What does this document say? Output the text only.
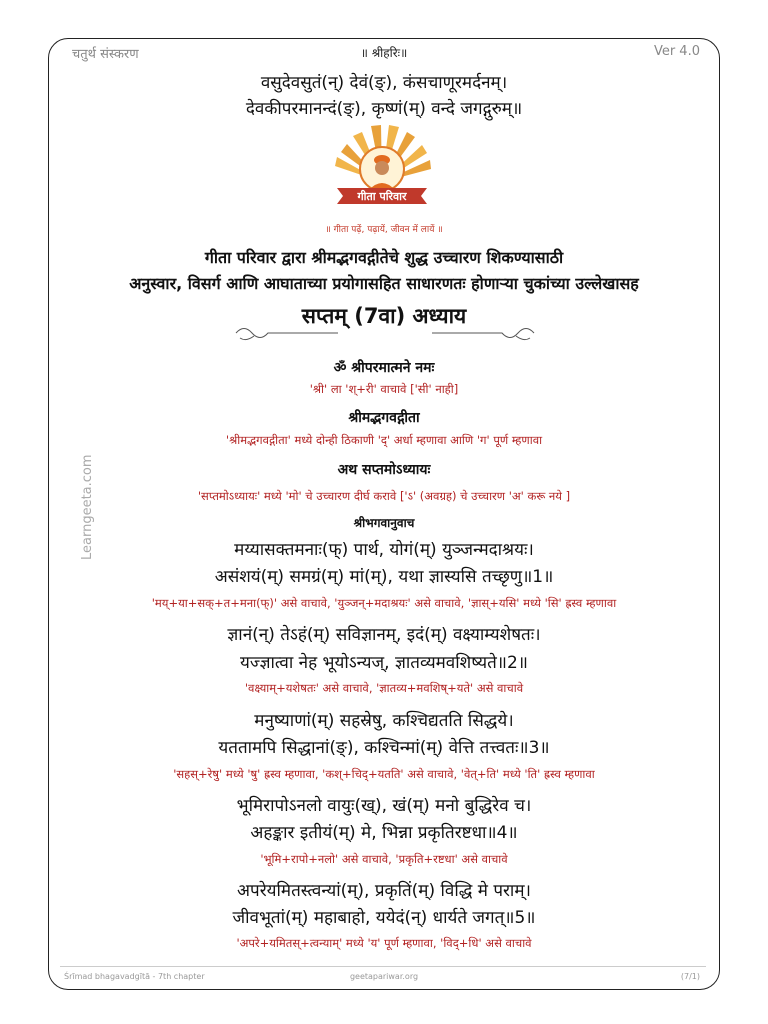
चतुर्थ संस्करण	॥ श्रीहरिः॥	Ver 4.0
Learngeeta.com
वसुदेवसुतं(न्) देवं(ङ्), कंसचाणूरमर्दनम्।
देवकीपरमानन्दं(ङ्), कृष्णं(म्) वन्दे जगद्गुरुम्॥
गीता परिवार
॥ गीता पढ़ें, पढ़ायें, जीवन में लायें ॥
गीता परिवार द्वारा श्रीमद्भगवद्गीतेचे शुद्ध उच्चारण शिकण्यासाठी
अनुस्वार, विसर्ग आणि आघाताच्या प्रयोगासहित साधारणतः होणाऱ्या चुकांच्या उल्लेखासह
सप्तम् (7वा) अध्याय
ॐ श्रीपरमात्मने नमः
'श्री' ला 'श्+री' वाचावे ['सी' नाही]
श्रीमद्भगवद्गीता
'श्रीमद्भगवद्गीता' मध्ये दोन्ही ठिकाणी 'द्' अर्धा म्हणावा आणि 'ग' पूर्ण म्हणावा
अथ सप्तमोऽध्यायः
'सप्तमोऽध्यायः' मध्ये 'मो' चे उच्चारण दीर्घ करावे ['ऽ' (अवग्रह) चे उच्चारण 'अ' करू नये ]
श्रीभगवानुवाच
मय्यासक्तमनाः(फ्) पार्थ, योगं(म्) युञ्जन्मदाश्रयः।
असंशयं(म्) समग्रं(म्) मां(म्), यथा ज्ञास्यसि तच्छृणु॥1॥
'मय्+या+सक्+त+मना(फ्)' असे वाचावे, 'युञ्जन्+मदाश्रयः' असे वाचावे, 'ज्ञास्+यसि' मध्ये 'सि' ह्रस्व म्हणावा
ज्ञानं(न्) तेऽहं(म्) सविज्ञानम्, इदं(म्) वक्ष्याम्यशेषतः।
यज्ज्ञात्वा नेह भूयोऽन्यज्, ज्ञातव्यमवशिष्यते॥2॥
'वक्ष्याम्+यशेषतः' असे वाचावे, 'ज्ञातव्य+मवशिष्+यते' असे वाचावे
मनुष्याणां(म्) सहस्रेषु, कश्चिद्यतति सिद्धये।
यततामपि सिद्धानां(ङ्), कश्चिन्मां(म्) वेत्ति तत्त्वतः॥3॥
'सहस्+रेषु' मध्ये 'षु' ह्रस्व म्हणावा, 'कश्+चिद्+यतति' असे वाचावे, 'वेत्+ति' मध्ये 'ति' ह्रस्व म्हणावा
भूमिरापोऽनलो वायुः(ख्), खं(म्) मनो बुद्धिरेव च।
अहङ्कार इतीयं(म्) मे, भिन्ना प्रकृतिरष्टधा॥4॥
'भूमि+रापो+नलो' असे वाचावे, 'प्रकृति+रष्टधा' असे वाचावे
अपरेयमितस्त्वन्यां(म्), प्रकृतिं(म्) विद्धि मे पराम्।
जीवभूतां(म्) महाबाहो, ययेदं(न्) धार्यते जगत्॥5॥
'अपरे+यमितस्+त्वन्याम्' मध्ये 'य' पूर्ण म्हणावा, 'विद्+धि' असे वाचावे
Śrīmad bhagavadgītā - 7th chapter	geetapariwar.org	(7/1)
